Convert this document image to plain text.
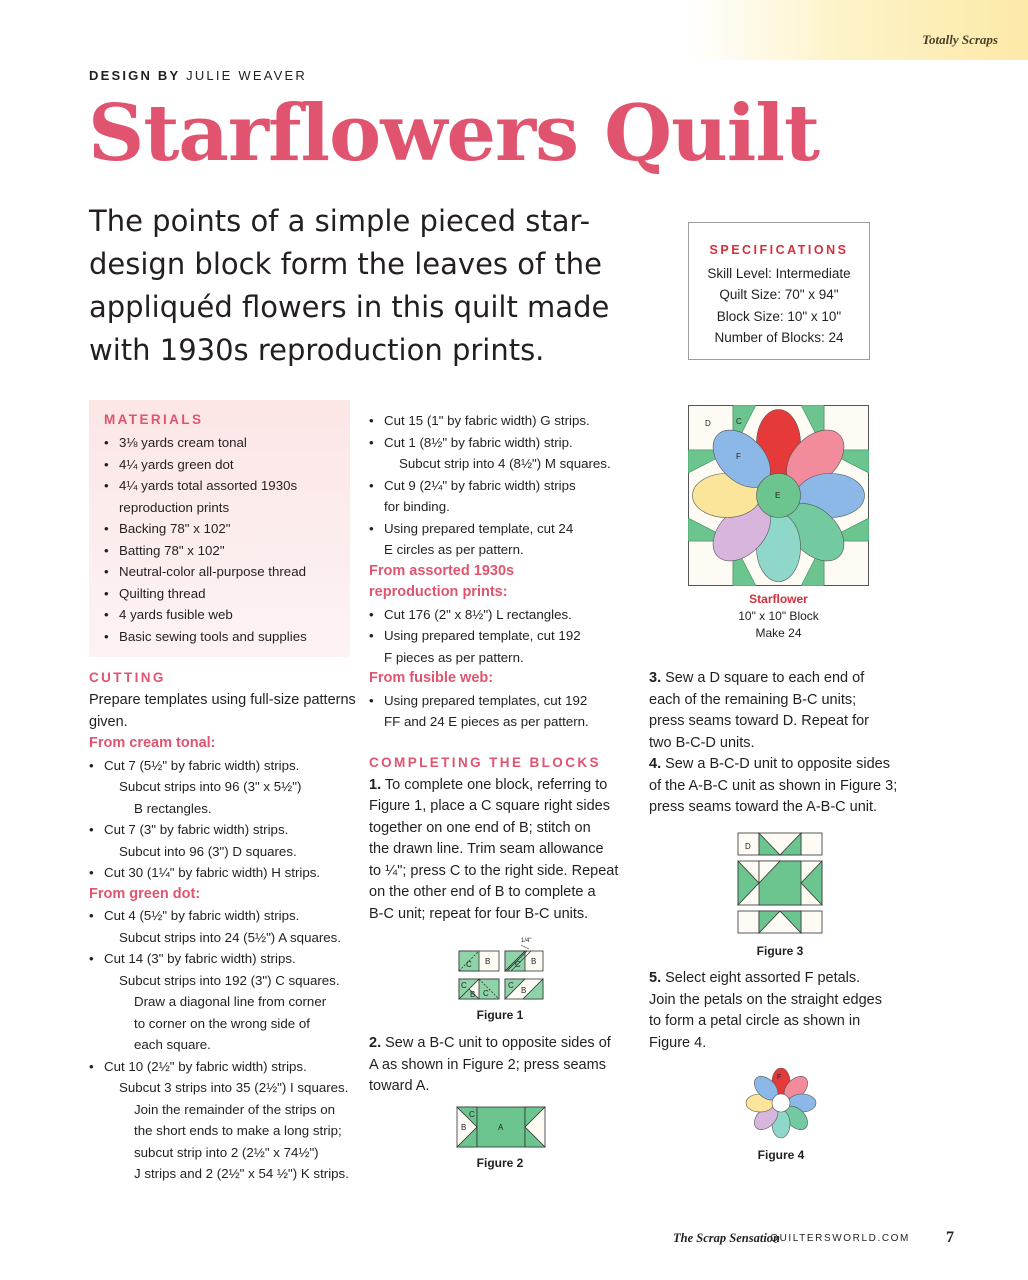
Totally Scraps
DESIGN BY JULIE WEAVER
Starflowers Quilt

The points of a simple pieced star-design block form the leaves of the appliquéd flowers in this quilt made with 1930s reproduction prints.

SPECIFICATIONS
Skill Level: Intermediate
Quilt Size: 70" x 94"
Block Size: 10" x 10"
Number of Blocks: 24
MATERIALS
• 3⅛ yards cream tonal
• 4¼ yards green dot
• 4¼ yards total assorted 1930s
reproduction prints
• Backing 78" x 102"
• Batting 78" x 102"
• Neutral-color all-purpose thread
• Quilting thread
• 4 yards fusible web
• Basic sewing tools and supplies
CUTTING

Prepare templates using full-size patterns given.

From cream tonal:
• Cut 7 (5½" by fabric width) strips.
Subcut strips into 96 (3" x 5½")
B rectangles.
• Cut 7 (3" by fabric width) strips.
Subcut into 96 (3") D squares.
• Cut 30 (1¼" by fabric width) H strips.
From green dot:
• Cut 4 (5½" by fabric width) strips.
Subcut strips into 24 (5½") A squares.
• Cut 14 (3" by fabric width) strips.
Subcut strips into 192 (3") C squares.
Draw a diagonal line from corner
to corner on the wrong side of
each square.
• Cut 10 (2½" by fabric width) strips.
Subcut 3 strips into 35 (2½") I squares.
Join the remainder of the strips on
the short ends to make a long strip;
subcut strip into 2 (2½" x 74½")
J strips and 2 (2½" x 54 ½") K strips.
• Cut 15 (1" by fabric width) G strips.
• Cut 1 (8½" by fabric width) strip.
Subcut strip into 4 (8½") M squares.
• Cut 9 (2¼" by fabric width) strips
for binding.
• Using prepared template, cut 24
E circles as per pattern.
From assorted 1930s
reproduction prints:
• Cut 176 (2" x 8½") L rectangles.
• Using prepared template, cut 192
F pieces as per pattern.
From fusible web:
• Using prepared templates, cut 192
FF and 24 E pieces as per pattern.
COMPLETING THE BLOCKS
1. To complete one block, referring to
Figure 1, place a C square right sides
together on one end of B; stitch on
the drawn line. Trim seam allowance
to ¼"; press C to the right side. Repeat
on the other end of B to complete a
B-C unit; repeat for four B-C units.
C B	B
C
1/4"
C
B C
C
B
Figure 1
2. Sew a B-C unit to opposite sides of
A as shown in Figure 2; press seams
toward A.
C
B	A
Figure 2
D	C
F
E
Starflower
10" x 10" Block
Make 24
3. Sew a D square to each end of
each of the remaining B-C units;
press seams toward D. Repeat for
two B-C-D units.
4. Sew a B-C-D unit to opposite sides
of the A-B-C unit as shown in Figure 3;
press seams toward the A-B-C unit.
D
Figure 3
5. Select eight assorted F petals.
Join the petals on the straight edges
to form a petal circle as shown in
Figure 4.
F
Figure 4
The Scrap Sensation
QUILTERSWORLD.COM 7
